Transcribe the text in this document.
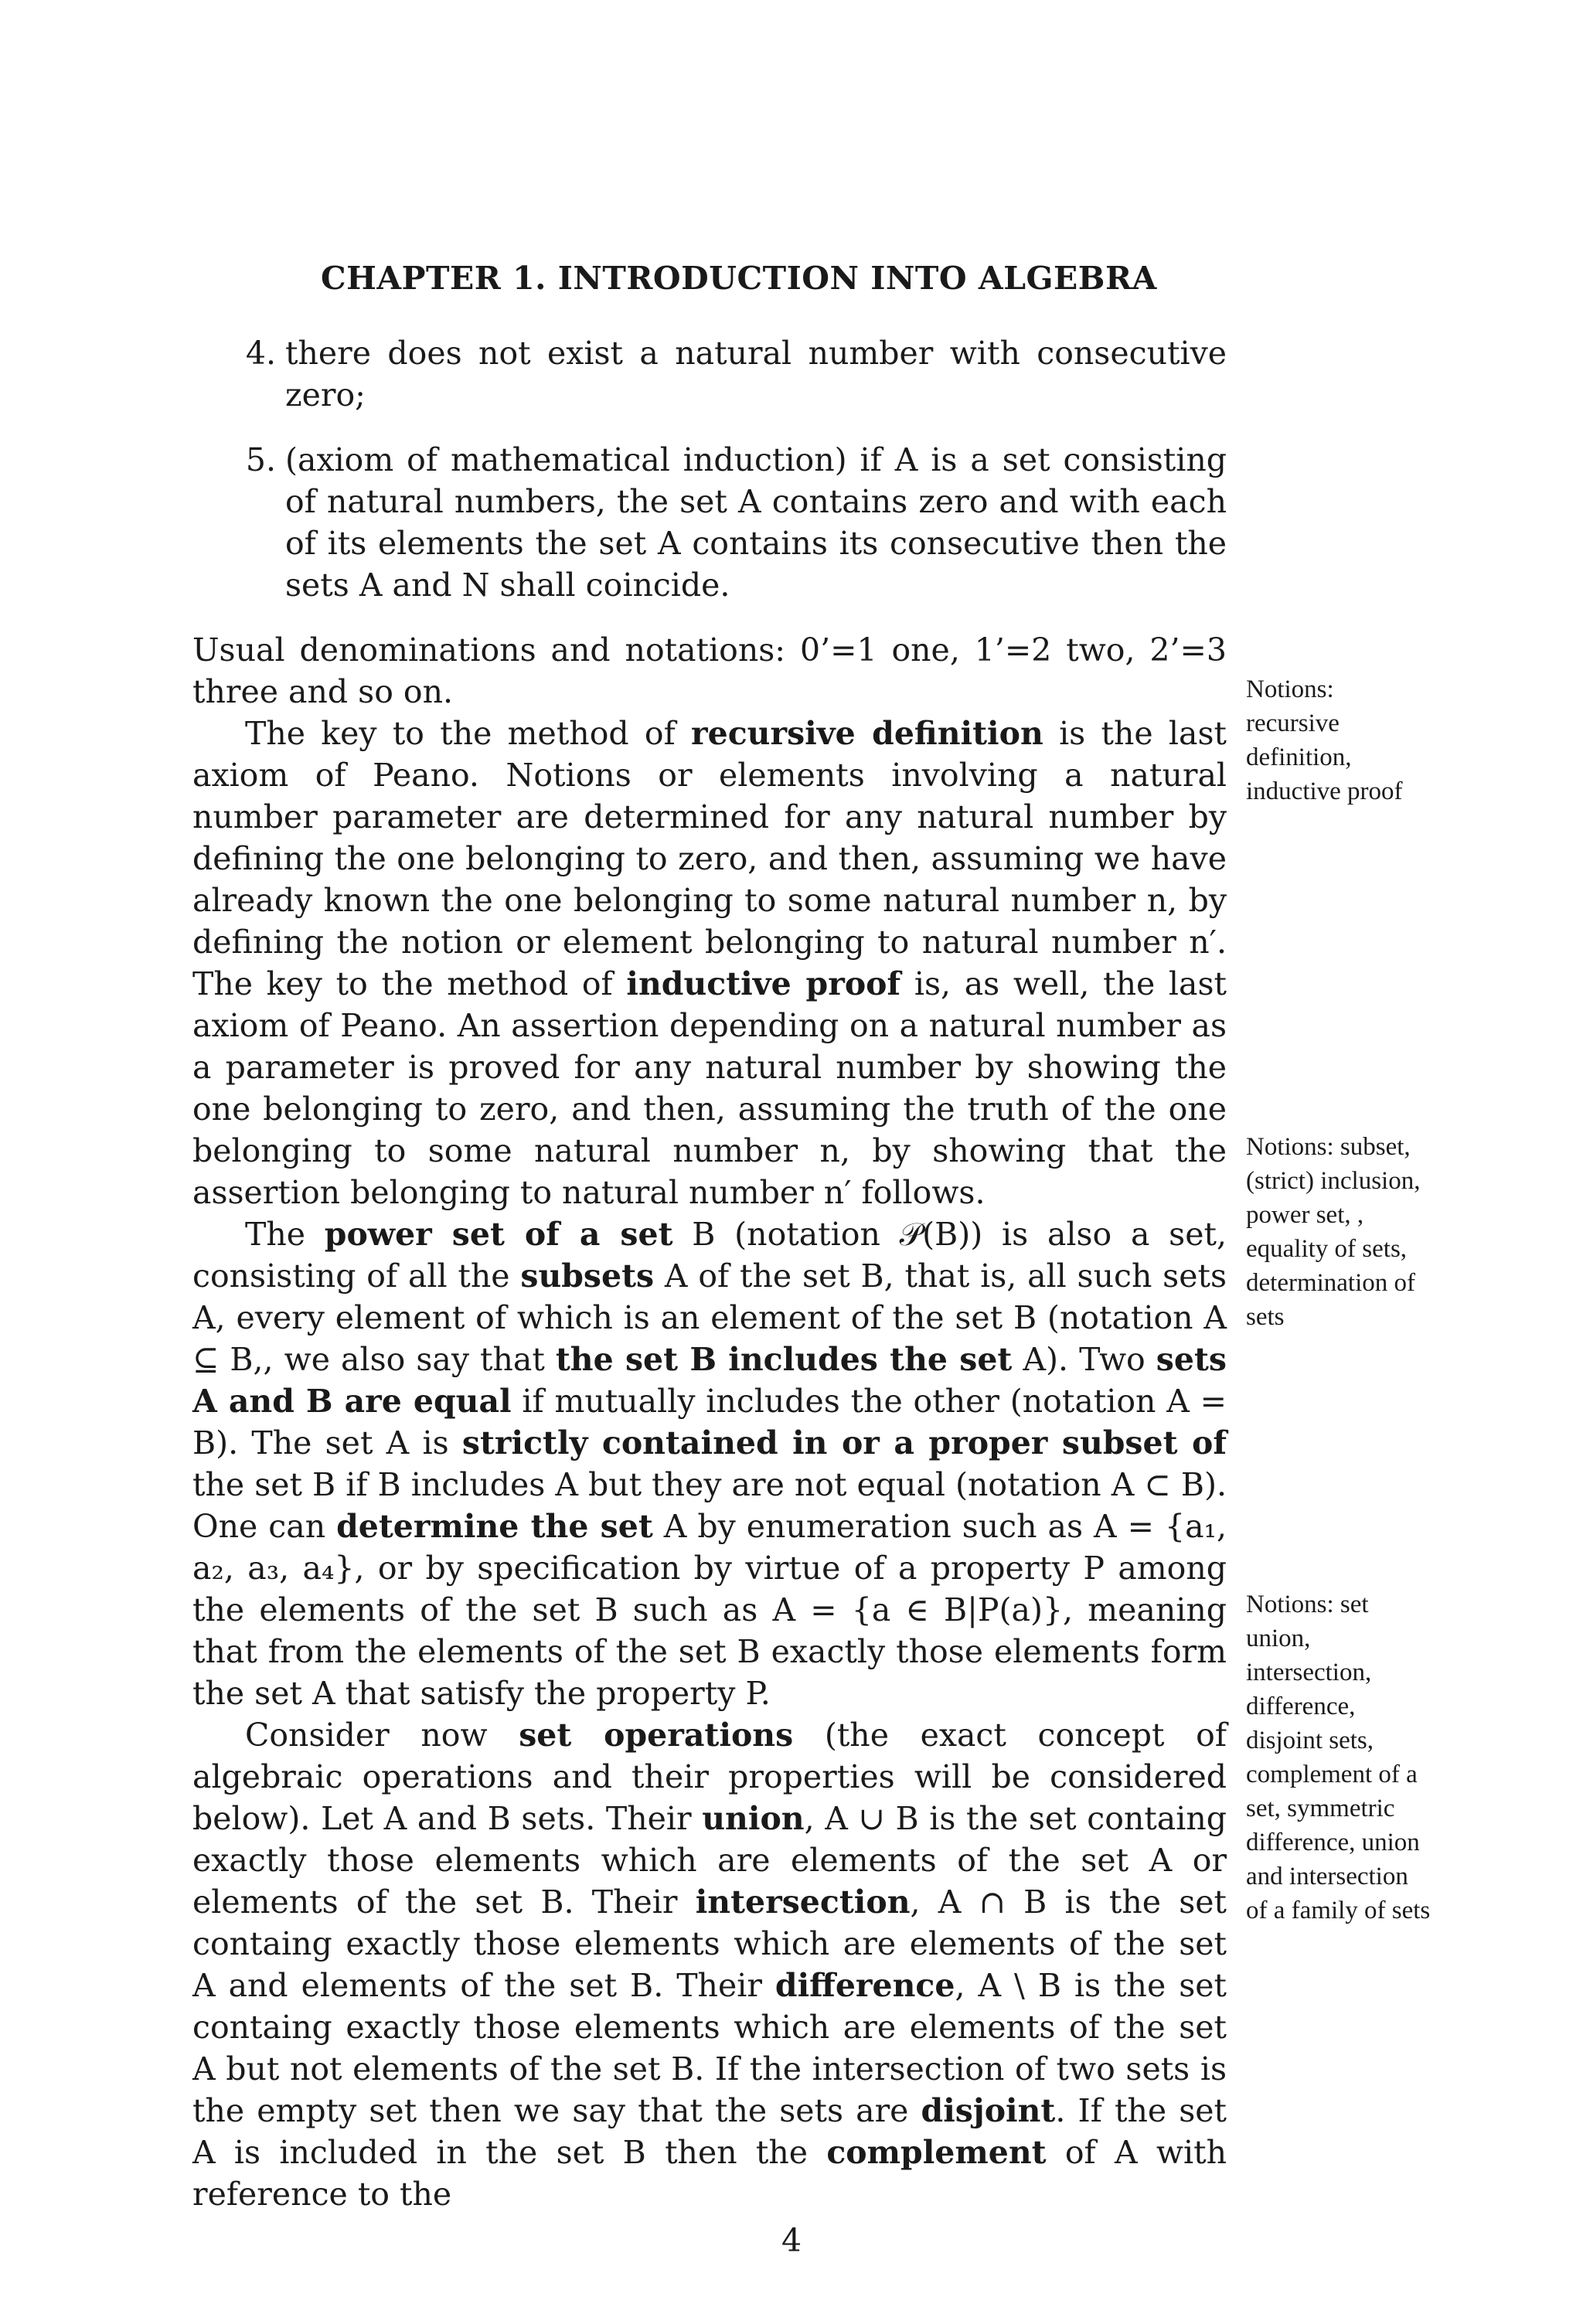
CHAPTER 1. INTRODUCTION INTO ALGEBRA
4. there does not exist a natural number with consecutive zero;
5. (axiom of mathematical induction) if A is a set consisting of natural numbers, the set A contains zero and with each of its elements the set A contains its consecutive then the sets A and N shall coincide.

Usual denominations and notations: 0’=1 one, 1’=2 two, 2’=3 three and so on.

The key to the method of recursive definition is the last axiom of Peano. Notions or elements involving a natural number parameter are determined for any natural number by defining the one belonging to zero, and then, assuming we have already known the one belonging to some natural number n, by defining the notion or element belonging to natural number n′. The key to the method of inductive proof is, as well, the last axiom of Peano. An assertion depending on a natural number as a parameter is proved for any natural number by showing the one belonging to zero, and then, assuming the truth of the one belonging to some natural number n, by showing that the assertion belonging to natural number n′ follows.

The power set of a set B (notation 𝒫(B)) is also a set, consisting of all the subsets A of the set B, that is, all such sets A, every element of which is an element of the set B (notation A ⊆ B,, we also say that the set B includes the set A). Two sets A and B are equal if mutually includes the other (notation A = B). The set A is strictly contained in or a proper subset of the set B if B includes A but they are not equal (notation A ⊂ B). One can determine the set A by enumeration such as A = {a₁, a₂, a₃, a₄}, or by specification by virtue of a property P among the elements of the set B such as A = {a ∈ B|P(a)}, meaning that from the elements of the set B exactly those elements form the set A that satisfy the property P.

Consider now set operations (the exact concept of algebraic operations and their properties will be considered below). Let A and B sets. Their union, A ∪ B is the set containg exactly those elements which are elements of the set A or elements of the set B. Their intersection, A ∩ B is the set containg exactly those elements which are elements of the set A and elements of the set B. Their difference, A \ B is the set containg exactly those elements which are elements of the set A but not elements of the set B. If the intersection of two sets is the empty set then we say that the sets are disjoint. If the set A is included in the set B then the complement of A with reference to the

Notions: recursive definition, inductive proof
Notions: subset, (strict) inclusion, power set, , equality of sets, determination of sets
Notions: set union, intersection, difference, disjoint sets, complement of a set, symmetric difference, union and intersection of a family of sets
4
